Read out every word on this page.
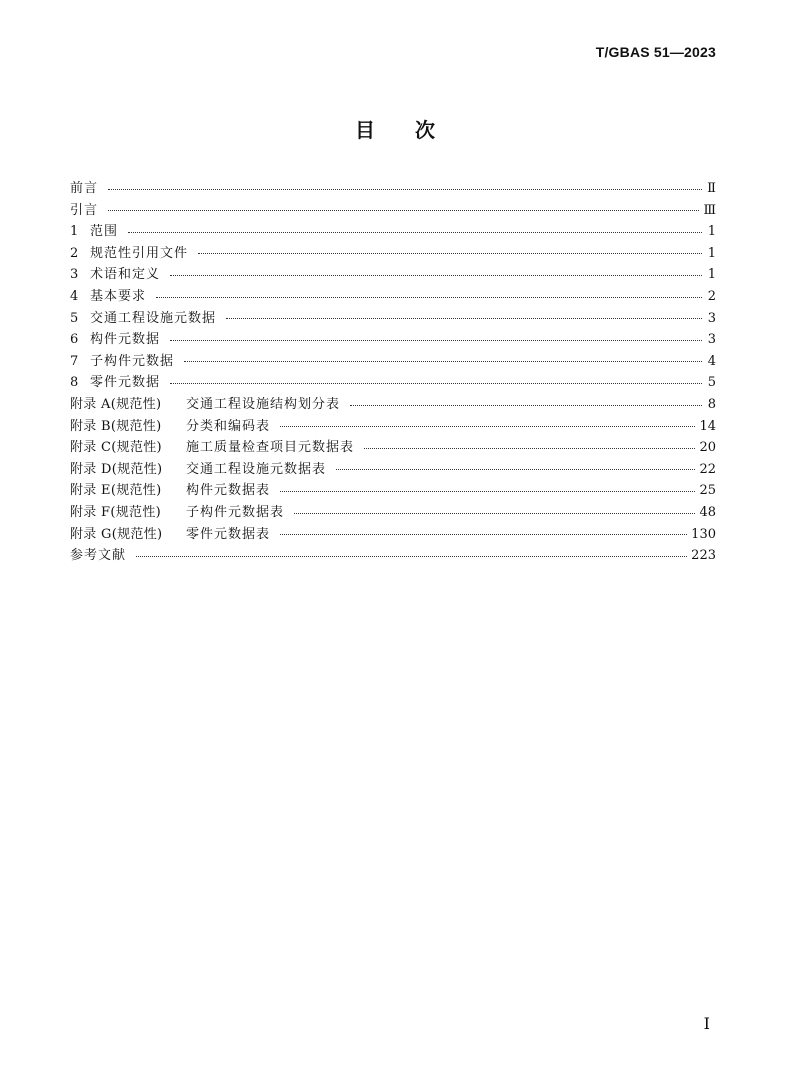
T/GBAS 51—2023
目 次
前言	Ⅱ
引言	Ⅲ
1 范围	1
2 规范性引用文件	1
3 术语和定义	1
4 基本要求	2
5 交通工程设施元数据	3
6 构件元数据	3
7 子构件元数据	4
8 零件元数据	5
附录 A(规范性)	交通工程设施结构划分表	8
附录 B(规范性)	分类和编码表	14
附录 C(规范性)	施工质量检查项目元数据表	20
附录 D(规范性)	交通工程设施元数据表	22
附录 E(规范性)	构件元数据表	25
附录 F(规范性)	子构件元数据表	48
附录 G(规范性)	零件元数据表	130
参考文献	223
I
